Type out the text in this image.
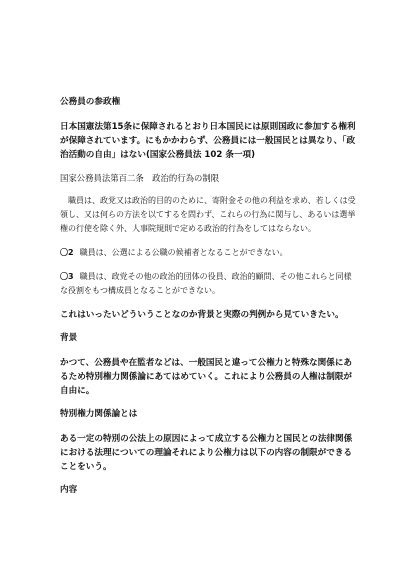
公務員の参政権

日本国憲法第15条に保障されるとおり日本国民には原則国政に参加する権利が保障されています。にもかかわらず、公務員には一般国民とは異なり、「政治活動の自由」はない(国家公務員法 102 条一項)

国家公務員法第百二条　政治的行為の制限

職員は、政党又は政治的目的のために、寄附金その他の利益を求め、若しくは受領し、又は何らの方法を以てするを問わず、これらの行為に関与し、あるいは選挙権の行使を除く外、人事院規則で定める政治的行為をしてはならない。

〇2 職員は、公選による公職の候補者となることができない。

〇3 職員は、政党その他の政治的団体の役員、政治的顧問、その他これらと同様な役割をもつ構成員となることができない。

これはいったいどういうことなのか背景と実際の判例から見ていきたい。

背景

かつて、公務員や在監者などは、一般国民と違って公権力と特殊な関係にあるため特別権力関係論にあてはめていく。これにより公務員の人権は制限が自由に。

特別権力関係論とは

ある一定の特別の公法上の原因によって成立する公権力と国民との法律関係における法理についての理論それにより公権力は以下の内容の制限ができることをいう。

内容
